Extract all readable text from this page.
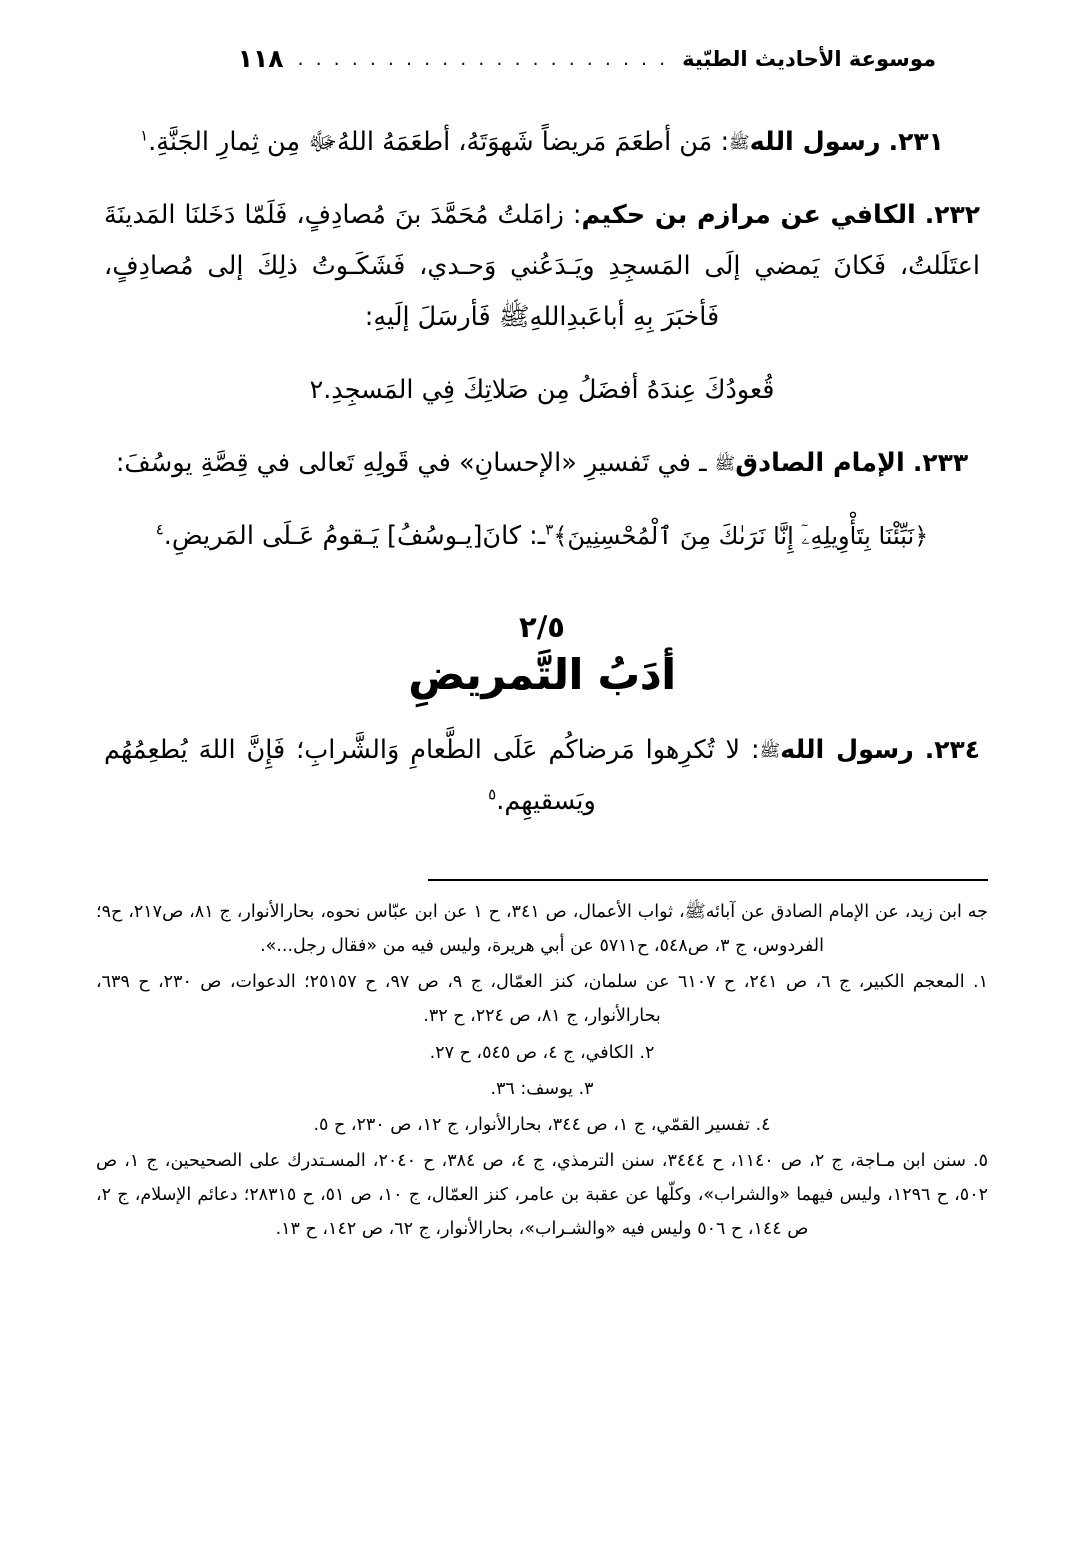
موسوعة الأحاديث الطبّية
. . . . . . . . . . . . . . . . . . . . .
١١٨

٢٣١. رسول اللهﷺ: مَن أطعَمَ مَريضاً شَهوَتَهُ، أطعَمَهُ اللهُﷻ مِن ثِمارِ الجَنَّةِ.$^١$

٢٣٢. الكافي عن مرازم بن حكيم: زامَلتُ مُحَمَّدَ بنَ مُصادِفٍ، فَلَمّا دَخَلنَا المَدينَةَ اعتَلَلتُ، فَكانَ يَمضي إلَى المَسجِدِ ويَـدَعُني وَحـدي، فَشَكَـوتُ ذلِكَ إلى مُصادِفٍ، فَأخبَرَ بِهِ أباعَبدِاللهِﷺ فَأرسَلَ إلَيهِ:

قُعودُكَ عِندَهُ أفضَلُ مِن صَلاتِكَ فِي المَسجِدِ.٢

٢٣٣. الإمام الصادقﷺ ـ في تَفسيرِ «الإحسانِ» في قَولِهِ تَعالى في قِصَّةِ يوسُفَ:

﴿نَبِّئْنَا بِتَأْوِيلِهِۦٓ إِنَّا نَرَىٰكَ مِنَ ٱلْمُحْسِنِينَ﴾$^٣$ـ: كانَ[يـوسُفُ] يَـقومُ عَـلَى المَريضِ.$^٤$

٢/٥
أدَبُ التَّمريضِ

٢٣٤. رسول اللهﷺ: لا تُكرِهوا مَرضاكُم عَلَى الطَّعامِ وَالشَّرابِ؛ فَإِنَّ اللهَ يُطعِمُهُم ويَسقيهِم.$^٥$

جه ابن زيد، عن الإمام الصادق عن آبائهﷺ، ثواب الأعمال، ص ٣٤١، ح ١ عن ابن عبّاس نحوه، بحارالأنوار، ج ٨١، ص٢١٧، ح٩؛ الفردوس، ج ٣، ص٥٤٨، ح٥٧١١ عن أبي هريرة، وليس فيه من «فقال رجل...».
١. المعجم الكبير، ج ٦، ص ٢٤١، ح ٦١٠٧ عن سلمان، كنز العمّال، ج ٩، ص ٩٧، ح ٢٥١٥٧؛ الدعوات، ص ٢٣٠، ح ٦٣٩، بحارالأنوار، ج ٨١، ص ٢٢٤، ح ٣٢.
٢. الكافي، ج ٤، ص ٥٤٥، ح ٢٧.
٣. يوسف: ٣٦.
٤. تفسير القمّي، ج ١، ص ٣٤٤، بحارالأنوار، ج ١٢، ص ٢٣٠، ح ٥.
٥. سنن ابن مـاجة، ج ٢، ص ١١٤٠، ح ٣٤٤٤، سنن الترمذي، ج ٤، ص ٣٨٤، ح ٢٠٤٠، المسـتدرك على الصحيحين، ج ١، ص ٥٠٢، ح ١٢٩٦، وليس فيهما «والشراب»، وكلّها عن عقبة بن عامر، كنز العمّال، ج ١٠، ص ٥١، ح ٢٨٣١٥؛ دعائم الإسلام، ج ٢، ص ١٤٤، ح ٥٠٦ وليس فيه «والشـراب»، بحارالأنوار، ج ٦٢، ص ١٤٢، ح ١٣.
